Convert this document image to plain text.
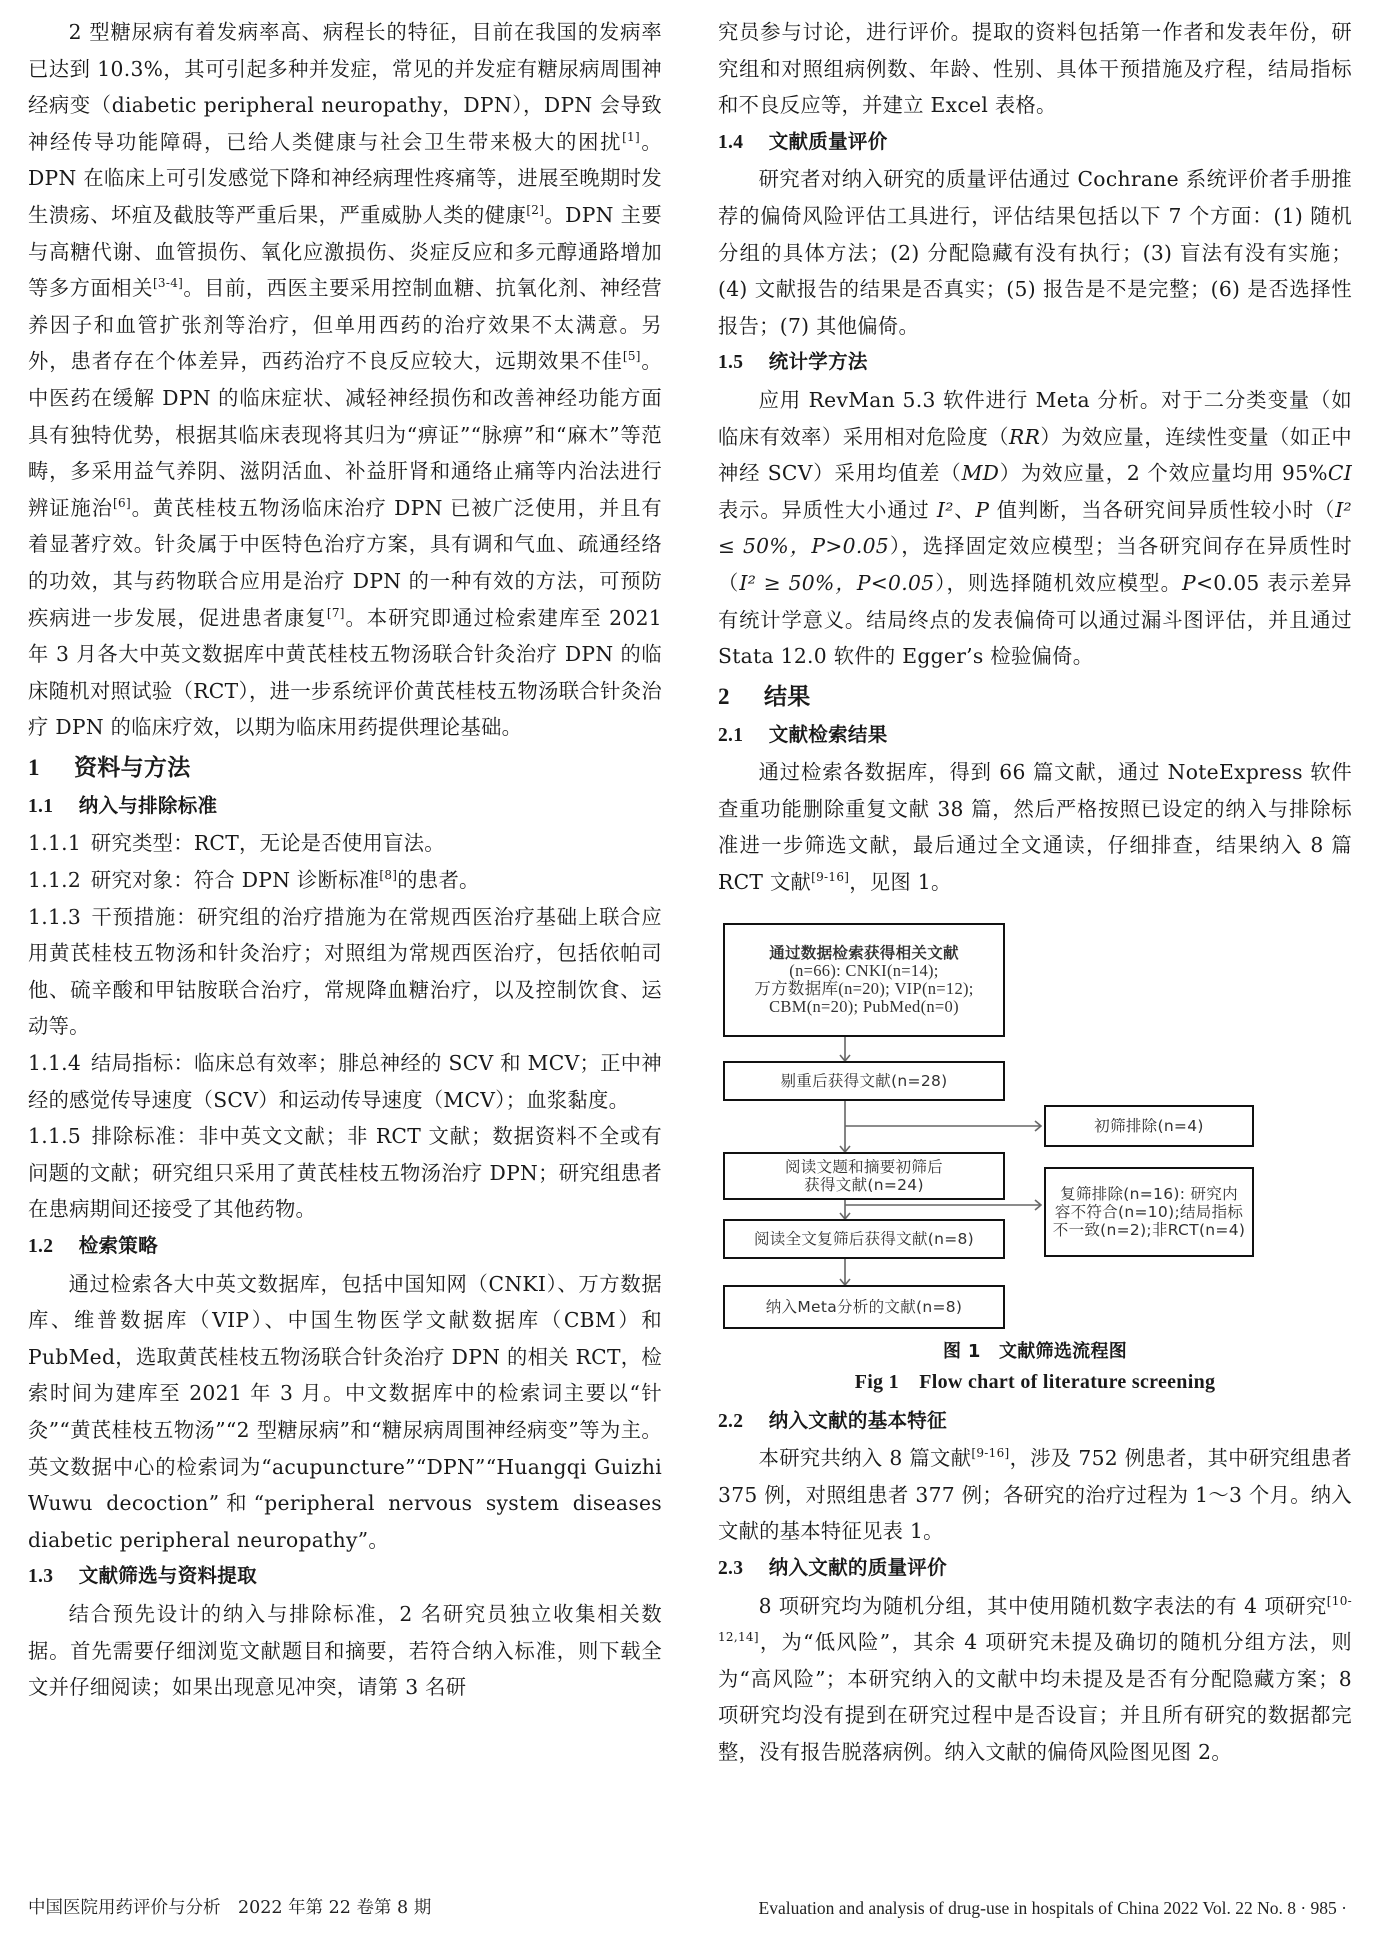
2 型糖尿病有着发病率高、病程长的特征，目前在我国的发病率已达到 10.3%，其可引起多种并发症，常见的并发症有糖尿病周围神经病变（diabetic peripheral neuropathy，DPN），DPN 会导致神经传导功能障碍，已给人类健康与社会卫生带来极大的困扰[1]。DPN 在临床上可引发感觉下降和神经病理性疼痛等，进展至晚期时发生溃疡、坏疽及截肢等严重后果，严重威胁人类的健康[2]。DPN 主要与高糖代谢、血管损伤、氧化应激损伤、炎症反应和多元醇通路增加等多方面相关[3-4]。目前，西医主要采用控制血糖、抗氧化剂、神经营养因子和血管扩张剂等治疗，但单用西药的治疗效果不太满意。另外，患者存在个体差异，西药治疗不良反应较大，远期效果不佳[5]。中医药在缓解 DPN 的临床症状、减轻神经损伤和改善神经功能方面具有独特优势，根据其临床表现将其归为“痹证”“脉痹”和“麻木”等范畴，多采用益气养阴、滋阴活血、补益肝肾和通络止痛等内治法进行辨证施治[6]。黄芪桂枝五物汤临床治疗 DPN 已被广泛使用，并且有着显著疗效。针灸属于中医特色治疗方案，具有调和气血、疏通经络的功效，其与药物联合应用是治疗 DPN 的一种有效的方法，可预防疾病进一步发展，促进患者康复[7]。本研究即通过检索建库至 2021 年 3 月各大中英文数据库中黄芪桂枝五物汤联合针灸治疗 DPN 的临床随机对照试验（RCT），进一步系统评价黄芪桂枝五物汤联合针灸治疗 DPN 的临床疗效，以期为临床用药提供理论基础。

1 资料与方法
1.1 纳入与排除标准

1.1.1 研究类型：RCT，无论是否使用盲法。

1.1.2 研究对象：符合 DPN 诊断标准[8]的患者。

1.1.3 干预措施：研究组的治疗措施为在常规西医治疗基础上联合应用黄芪桂枝五物汤和针灸治疗；对照组为常规西医治疗，包括依帕司他、硫辛酸和甲钴胺联合治疗，常规降血糖治疗，以及控制饮食、运动等。

1.1.4 结局指标：临床总有效率；腓总神经的 SCV 和 MCV；正中神经的感觉传导速度（SCV）和运动传导速度（MCV）；血浆黏度。

1.1.5 排除标准：非中英文文献；非 RCT 文献；数据资料不全或有问题的文献；研究组只采用了黄芪桂枝五物汤治疗 DPN；研究组患者在患病期间还接受了其他药物。

1.2 检索策略

通过检索各大中英文数据库，包括中国知网（CNKI）、万方数据库、维普数据库（VIP）、中国生物医学文献数据库（CBM）和 PubMed，选取黄芪桂枝五物汤联合针灸治疗 DPN 的相关 RCT，检索时间为建库至 2021 年 3 月。中文数据库中的检索词主要以“针灸”“黄芪桂枝五物汤”“2 型糖尿病”和“糖尿病周围神经病变”等为主。英文数据中心的检索词为“acupuncture”“DPN”“Huangqi Guizhi Wuwu decoction”和“peripheral nervous system diseases diabetic peripheral neuropathy”。

1.3 文献筛选与资料提取

结合预先设计的纳入与排除标准，2 名研究员独立收集相关数据。首先需要仔细浏览文献题目和摘要，若符合纳入标准，则下载全文并仔细阅读；如果出现意见冲突，请第 3 名研

究员参与讨论，进行评价。提取的资料包括第一作者和发表年份，研究组和对照组病例数、年龄、性别、具体干预措施及疗程，结局指标和不良反应等，并建立 Excel 表格。

1.4 文献质量评价

研究者对纳入研究的质量评估通过 Cochrane 系统评价者手册推荐的偏倚风险评估工具进行，评估结果包括以下 7 个方面：(1) 随机分组的具体方法；(2) 分配隐藏有没有执行；(3) 盲法有没有实施；(4) 文献报告的结果是否真实；(5) 报告是不是完整；(6) 是否选择性报告；(7) 其他偏倚。

1.5 统计学方法

应用 RevMan 5.3 软件进行 Meta 分析。对于二分类变量（如临床有效率）采用相对危险度（RR）为效应量，连续性变量（如正中神经 SCV）采用均值差（MD）为效应量，2 个效应量均用 95%CI 表示。异质性大小通过 I²、P 值判断，当各研究间异质性较小时（I² ≤ 50%，P>0.05），选择固定效应模型；当各研究间存在异质性时（I² ≥ 50%，P<0.05），则选择随机效应模型。P<0.05 表示差异有统计学意义。结局终点的发表偏倚可以通过漏斗图评估，并且通过 Stata 12.0 软件的 Egger’s 检验偏倚。

2 结果
2.1 文献检索结果

通过检索各数据库，得到 66 篇文献，通过 NoteExpress 软件查重功能删除重复文献 38 篇，然后严格按照已设定的纳入与排除标准进一步筛选文献，最后通过全文通读，仔细排查，结果纳入 8 篇 RCT 文献[9-16]，见图 1。

通过数据检索获得相关文献
(n=66): CNKI(n=14);
万方数据库(n=20); VIP(n=12);
CBM(n=20); PubMed(n=0)
剔重后获得文献(n=28)
阅读文题和摘要初筛后
获得文献(n=24)
阅读全文复筛后获得文献(n=8)
纳入Meta分析的文献(n=8)
初筛排除(n=4)
复筛排除(n=16): 研究内
容不符合(n=10);结局指标
不一致(n=2);非RCT(n=4)
图 1　文献筛选流程图
Fig 1　Flow chart of literature screening
2.2 纳入文献的基本特征

本研究共纳入 8 篇文献[9-16]，涉及 752 例患者，其中研究组患者 375 例，对照组患者 377 例；各研究的治疗过程为 1～3 个月。纳入文献的基本特征见表 1。

2.3 纳入文献的质量评价

8 项研究均为随机分组，其中使用随机数字表法的有 4 项研究[10-12,14]，为“低风险”，其余 4 项研究未提及确切的随机分组方法，则为“高风险”；本研究纳入的文献中均未提及是否有分配隐藏方案；8 项研究均没有提到在研究过程中是否设盲；并且所有研究的数据都完整，没有报告脱落病例。纳入文献的偏倚风险图见图 2。

中国医院用药评价与分析　2022 年第 22 卷第 8 期	Evaluation and analysis of drug-use in hospitals of China 2022 Vol. 22 No. 8 · 985 ·
